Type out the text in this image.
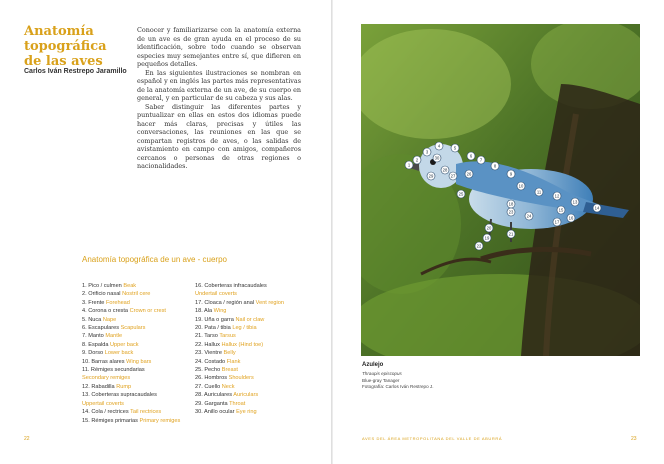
Anatomía topográfica de las aves
Carlos Iván Restrepo Jaramillo

Conocer y familiarizarse con la anatomía externa de un ave es de gran ayuda en el proceso de su identificación, sobre todo cuando se observan especies muy semejantes entre sí, que difieren en pequeños detalles.

En las siguientes ilustraciones se nombran en español y en inglés las partes más representativas de la anatomía externa de un ave, de su cuerpo en general, y en particular de su cabeza y sus alas.

Saber distinguir las diferentes partes y puntualizar en ellas en estos dos idiomas puede hacer más claras, precisas y útiles las conversaciones, las reuniones en las que se compartan registros de aves, o las salidas de avistamiento en campo con amigos, compañeros cercanos o personas de otras regiones o nacionalidades.

Anatomía topográfica de un ave - cuerpo
1. Pico / culmen Beak
2. Orificio nasal Nostril cere
3. Frente Forehead
4. Corona o cresta Crown or crest
5. Nuca Nape
6. Escapulares Scapulars
7. Manto Mantle
8. Espalda Upper back
9. Dorso Lower back
10. Barras alares Wing bars
11. Rémiges secundarias
Secondary remiges
12. Rabadilla Rump
13. Coberteras supracaudales
Uppertail coverts
14. Cola / rectrices Tail rectrices
15. Rémiges primarias Primary remiges
16. Coberteras infracaudales
Undertail coverts
17. Cloaca / región anal Vent region
18. Ala Wing
19. Uña o garra Nail or claw
20. Pata / tibia Leg / tibia
21. Tarso Tarsus
22. Hallux Hallux (Hind toe)
23. Vientre Belly
24. Costado Flank
25. Pecho Breast
26. Hombros Shoulders
27. Cuello Neck
28. Auriculares Auriculars
29. Garganta Throat
30. Anillo ocular Eye ring
22
1
2
3
4	5
6
7
8
9
10
11
12
13
14
15
16
17
18
19
20
21
22
23
24
25
26
27
28
29
30
Azulejo
Thraupis episcopus
Blue-gray Tanager
Fotografía: Carlos Iván Restrepo J.
AVES DEL ÁREA METROPOLITANA DEL VALLE DE ABURRÁ	23
